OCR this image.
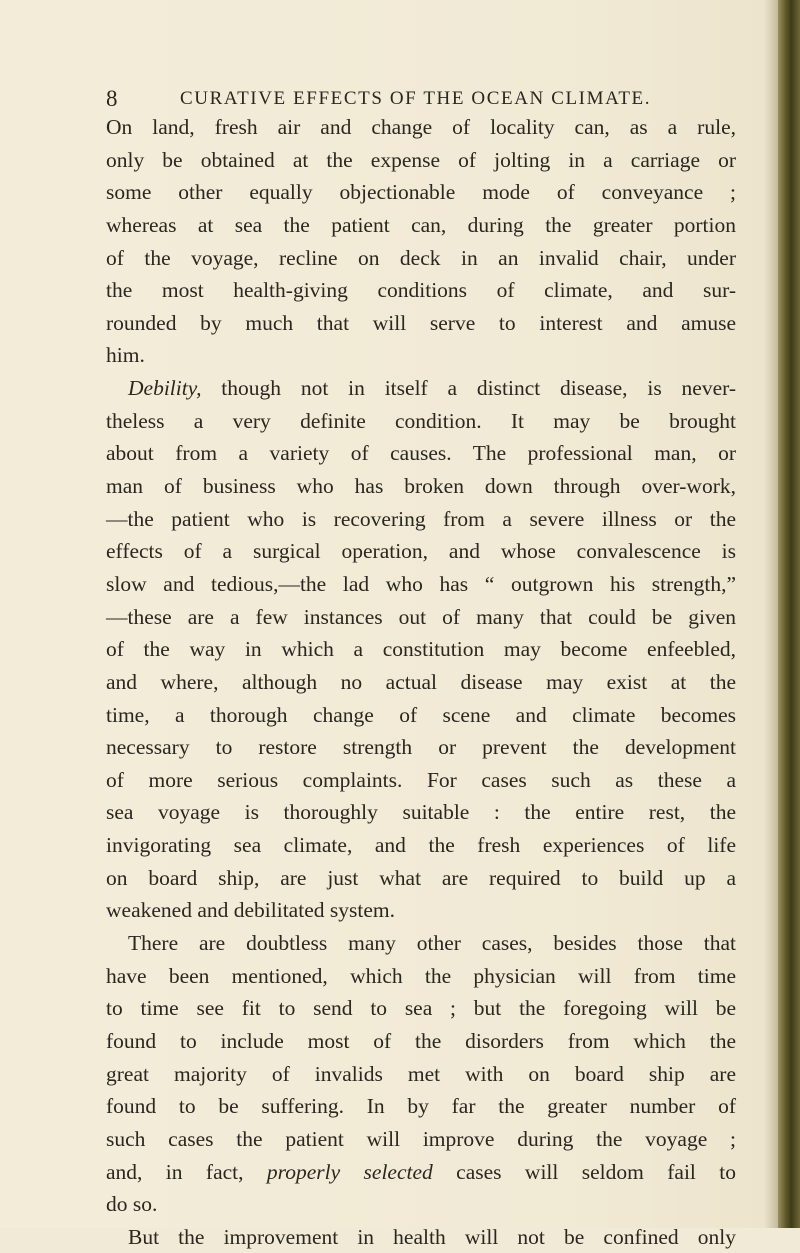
8	CURATIVE EFFECTS OF THE OCEAN CLIMATE.
On land, fresh air and change of locality can, as a rule,
only be obtained at the expense of jolting in a carriage or
some other equally objectionable mode of conveyance ;
whereas at sea the patient can, during the greater portion
of the voyage, recline on deck in an invalid chair, under
the most health-giving conditions of climate, and sur-
rounded by much that will serve to interest and amuse
him.
Debility, though not in itself a distinct disease, is never-
theless a very definite condition. It may be brought
about from a variety of causes. The professional man, or
man of business who has broken down through over-work,
—the patient who is recovering from a severe illness or the
effects of a surgical operation, and whose convalescence is
slow and tedious,—the lad who has “ outgrown his strength,”
—these are a few instances out of many that could be given
of the way in which a constitution may become enfeebled,
and where, although no actual disease may exist at the
time, a thorough change of scene and climate becomes
necessary to restore strength or prevent the development
of more serious complaints. For cases such as these a
sea voyage is thoroughly suitable : the entire rest, the
invigorating sea climate, and the fresh experiences of life
on board ship, are just what are required to build up a
weakened and debilitated system.
There are doubtless many other cases, besides those that
have been mentioned, which the physician will from time
to time see fit to send to sea ; but the foregoing will be
found to include most of the disorders from which the
great majority of invalids met with on board ship are
found to be suffering. In by far the greater number of
such cases the patient will improve during the voyage ;
and, in fact, properly selected cases will seldom fail to
do so.
But the improvement in health will not be confined only
